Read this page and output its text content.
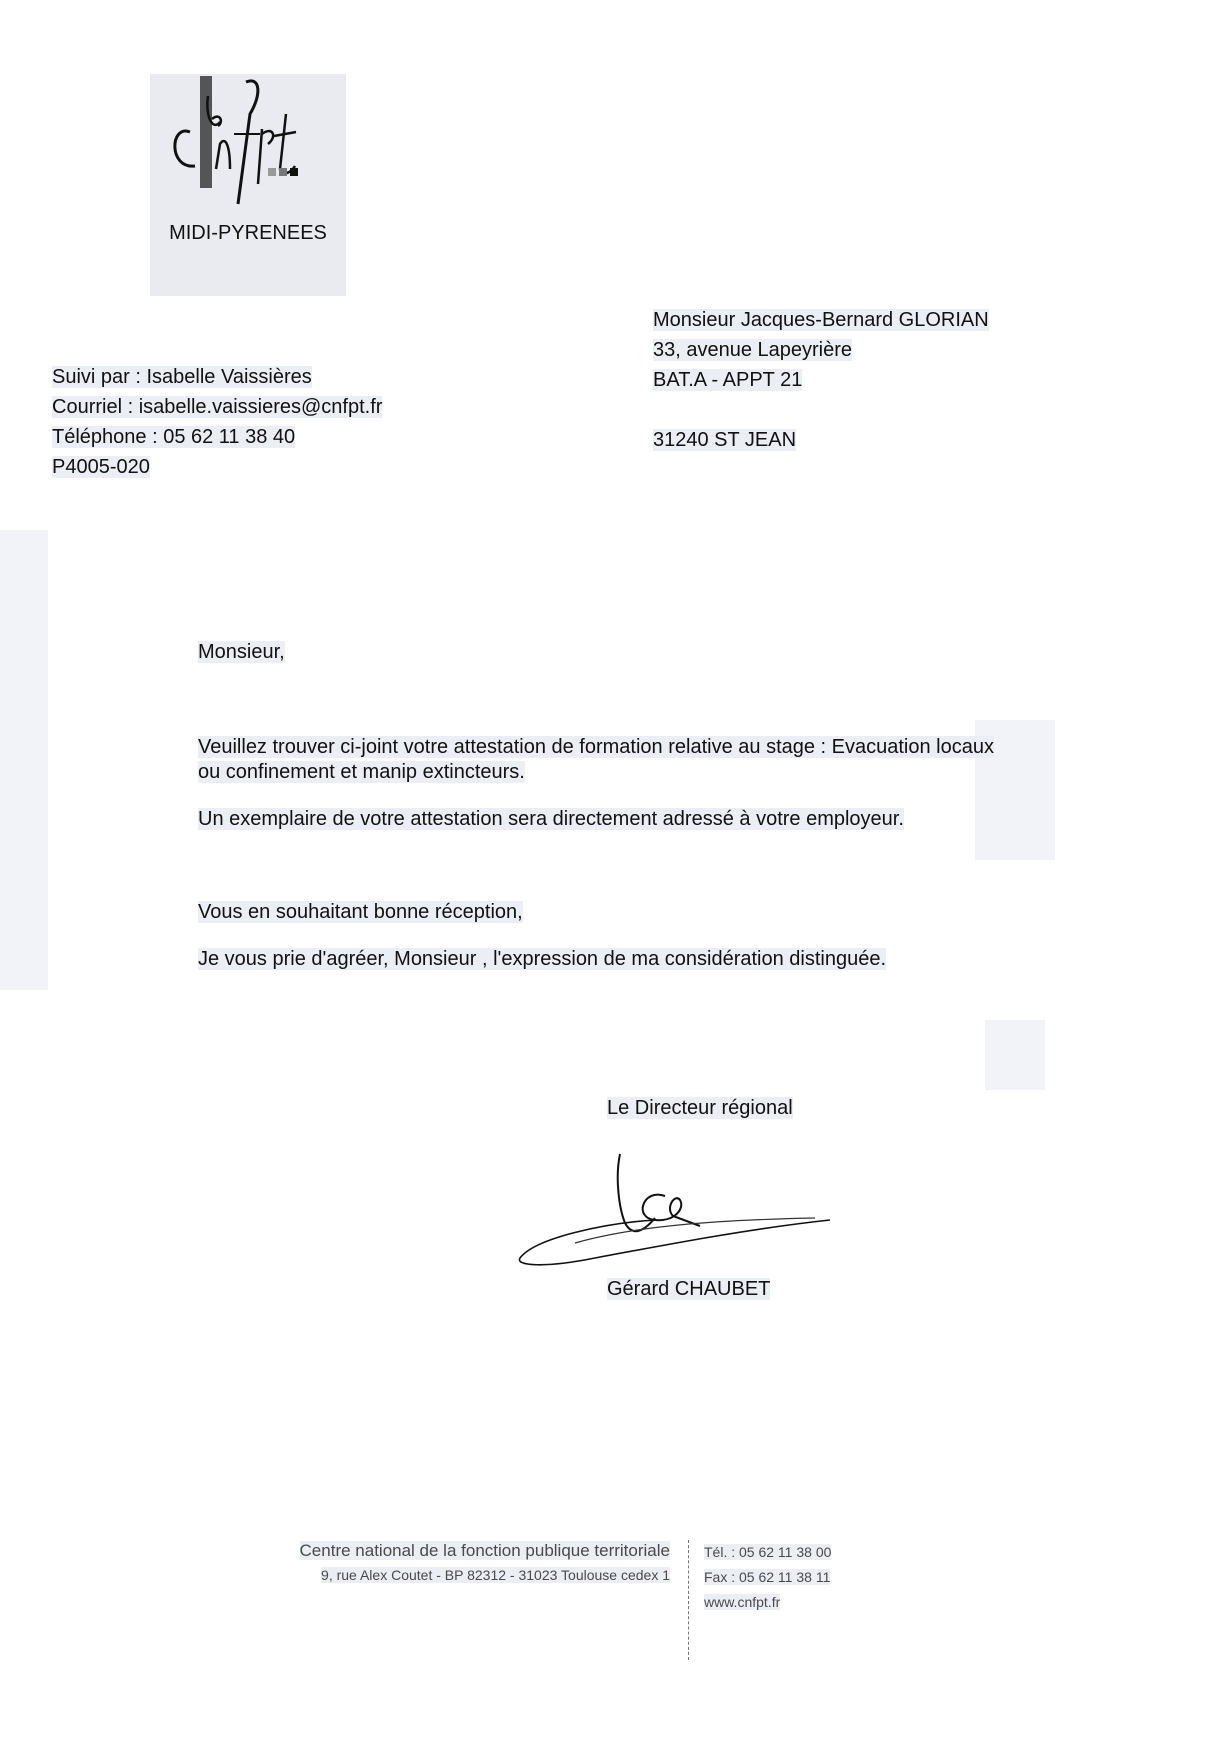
MIDI-PYRENEES
Suivi par : Isabelle Vaissières
Courriel : isabelle.vaissieres@cnfpt.fr
Téléphone : 05 62 11 38 40
P4005-020
Monsieur Jacques-Bernard GLORIAN
33, avenue Lapeyrière
BAT.A - APPT 21
31240 ST JEAN

Monsieur,

Veuillez trouver ci-joint votre attestation de formation relative au stage : Evacuation locaux

ou confinement et manip extincteurs.

Un exemplaire de votre attestation sera directement adressé à votre employeur.

Vous en souhaitant bonne réception,

Je vous prie d'agréer, Monsieur , l'expression de ma considération distinguée.

Le Directeur régional
Gérard CHAUBET
Centre national de la fonction publique territoriale
9, rue Alex Coutet - BP 82312 - 31023 Toulouse cedex 1
Tél. : 05 62 11 38 00
Fax : 05 62 11 38 11
www.cnfpt.fr
